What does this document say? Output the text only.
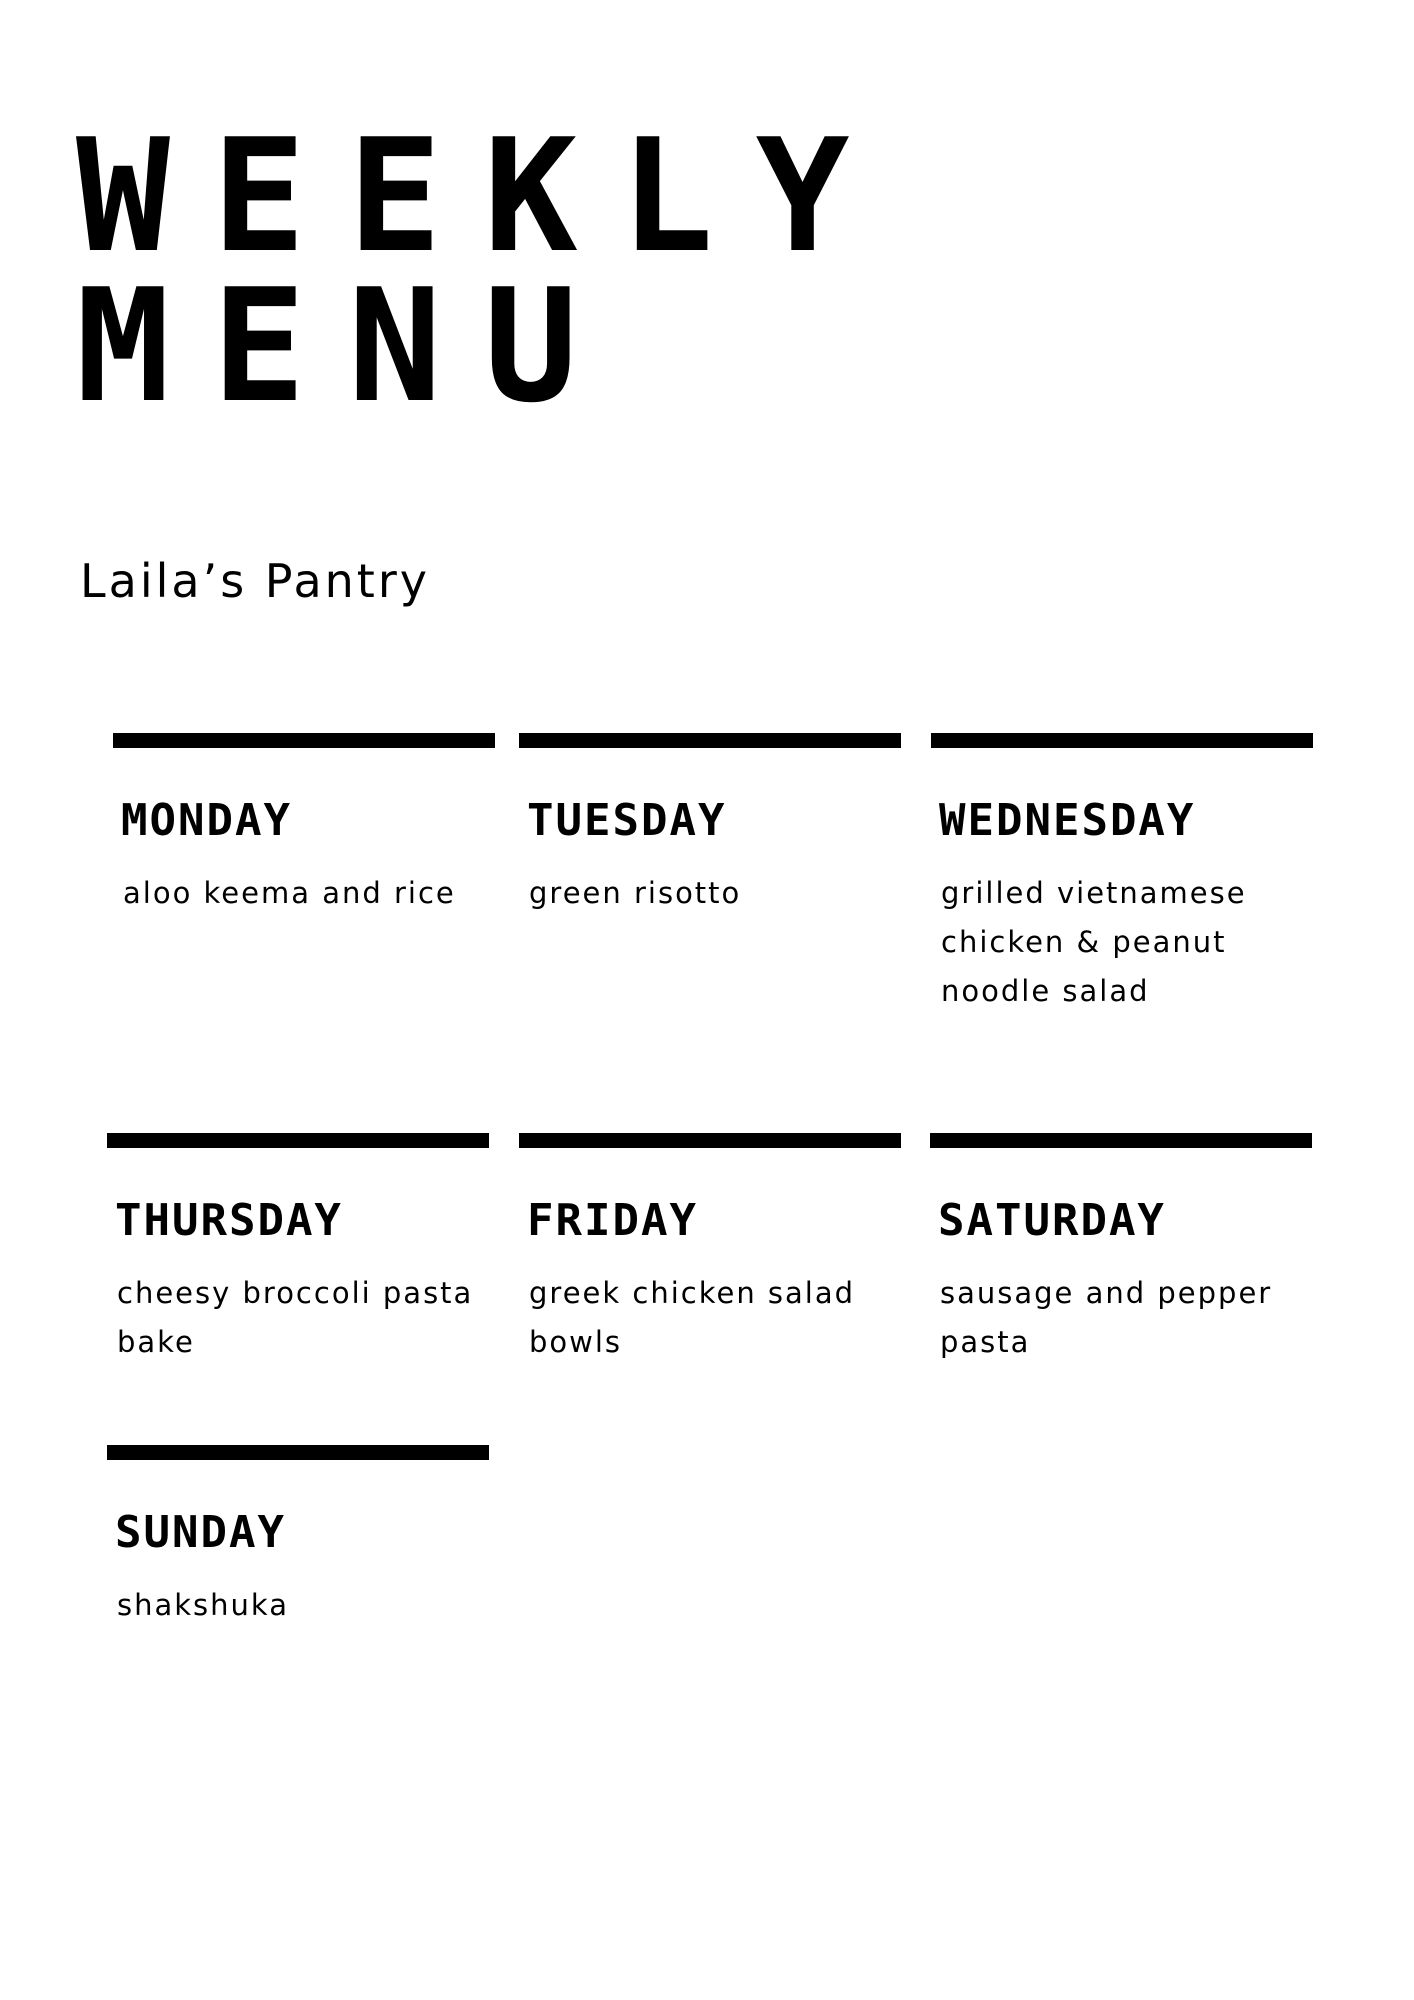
WEEKLY
MENU

Laila’s Pantry

MONDAY

aloo keema and rice

TUESDAY

green risotto

WEDNESDAY

grilled vietnamese chicken & peanut noodle salad

THURSDAY

cheesy broccoli pasta bake

FRIDAY

greek chicken salad bowls

SATURDAY

sausage and pepper pasta

SUNDAY

shakshuka
